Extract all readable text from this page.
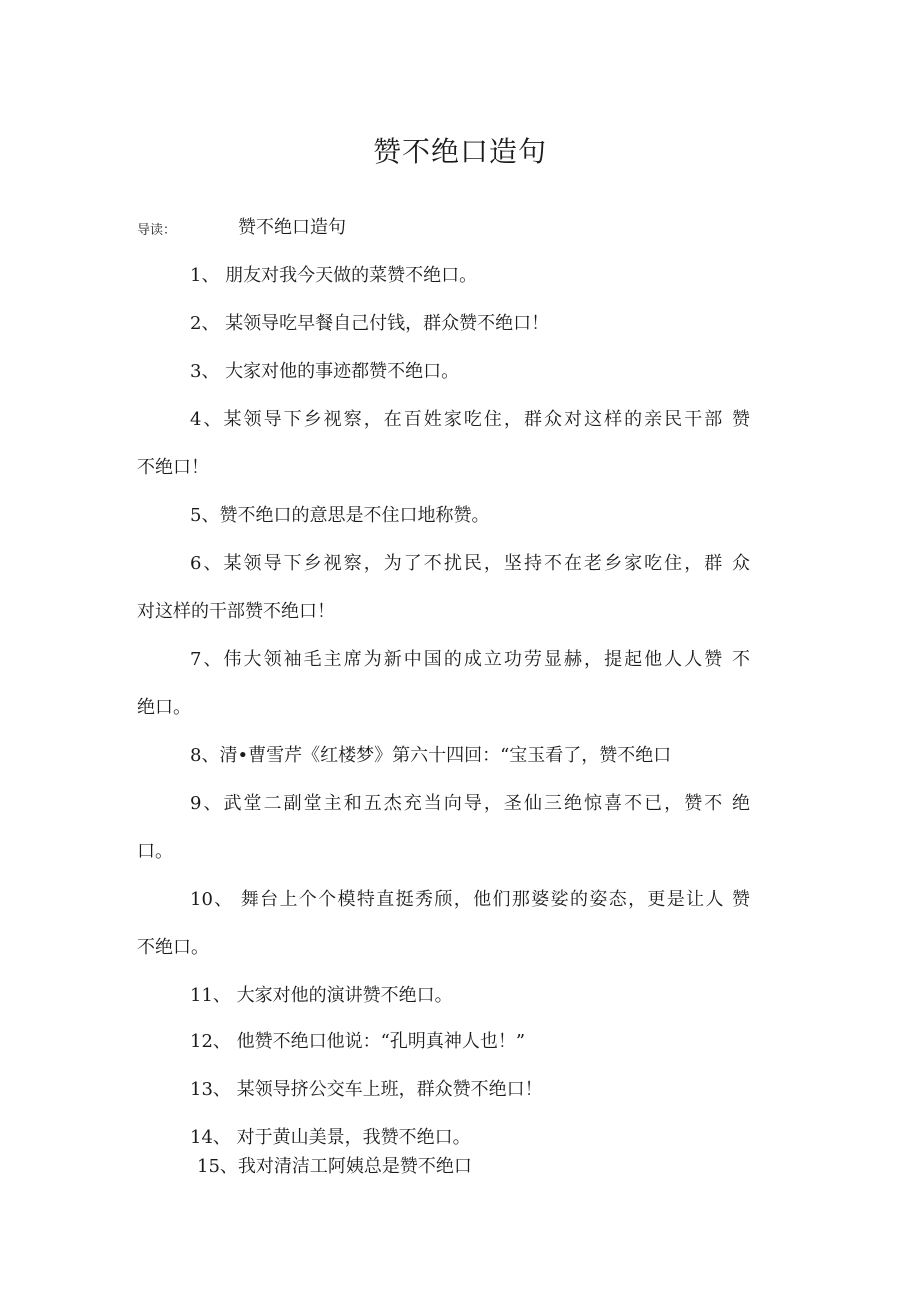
赞不绝口造句
导读：	赞不绝口造句
1、 朋友对我今天做的菜赞不绝口。
2、 某领导吃早餐自己付钱，群众赞不绝口！
3、 大家对他的事迹都赞不绝口。
4、某领导下乡视察，在百姓家吃住，群众对这样的亲民干部 赞
不绝口！
5、赞不绝口的意思是不住口地称赞。
6、某领导下乡视察，为了不扰民，坚持不在老乡家吃住，群 众
对这样的干部赞不绝口！
7、伟大领袖毛主席为新中国的成立功劳显赫，提起他人人赞 不
绝口。
8、清•曹雪芹《红楼梦》第六十四回：“宝玉看了，赞不绝口
9、武堂二副堂主和五杰充当向导，圣仙三绝惊喜不已，赞不 绝
口。
10、 舞台上个个模特直挺秀颀，他们那婆娑的姿态，更是让人 赞
不绝口。
11、 大家对他的演讲赞不绝口。
12、 他赞不绝口他说：“孔明真神人也！”
13、 某领导挤公交车上班，群众赞不绝口！
14、 对于黄山美景，我赞不绝口。
15、我对清洁工阿姨总是赞不绝口
